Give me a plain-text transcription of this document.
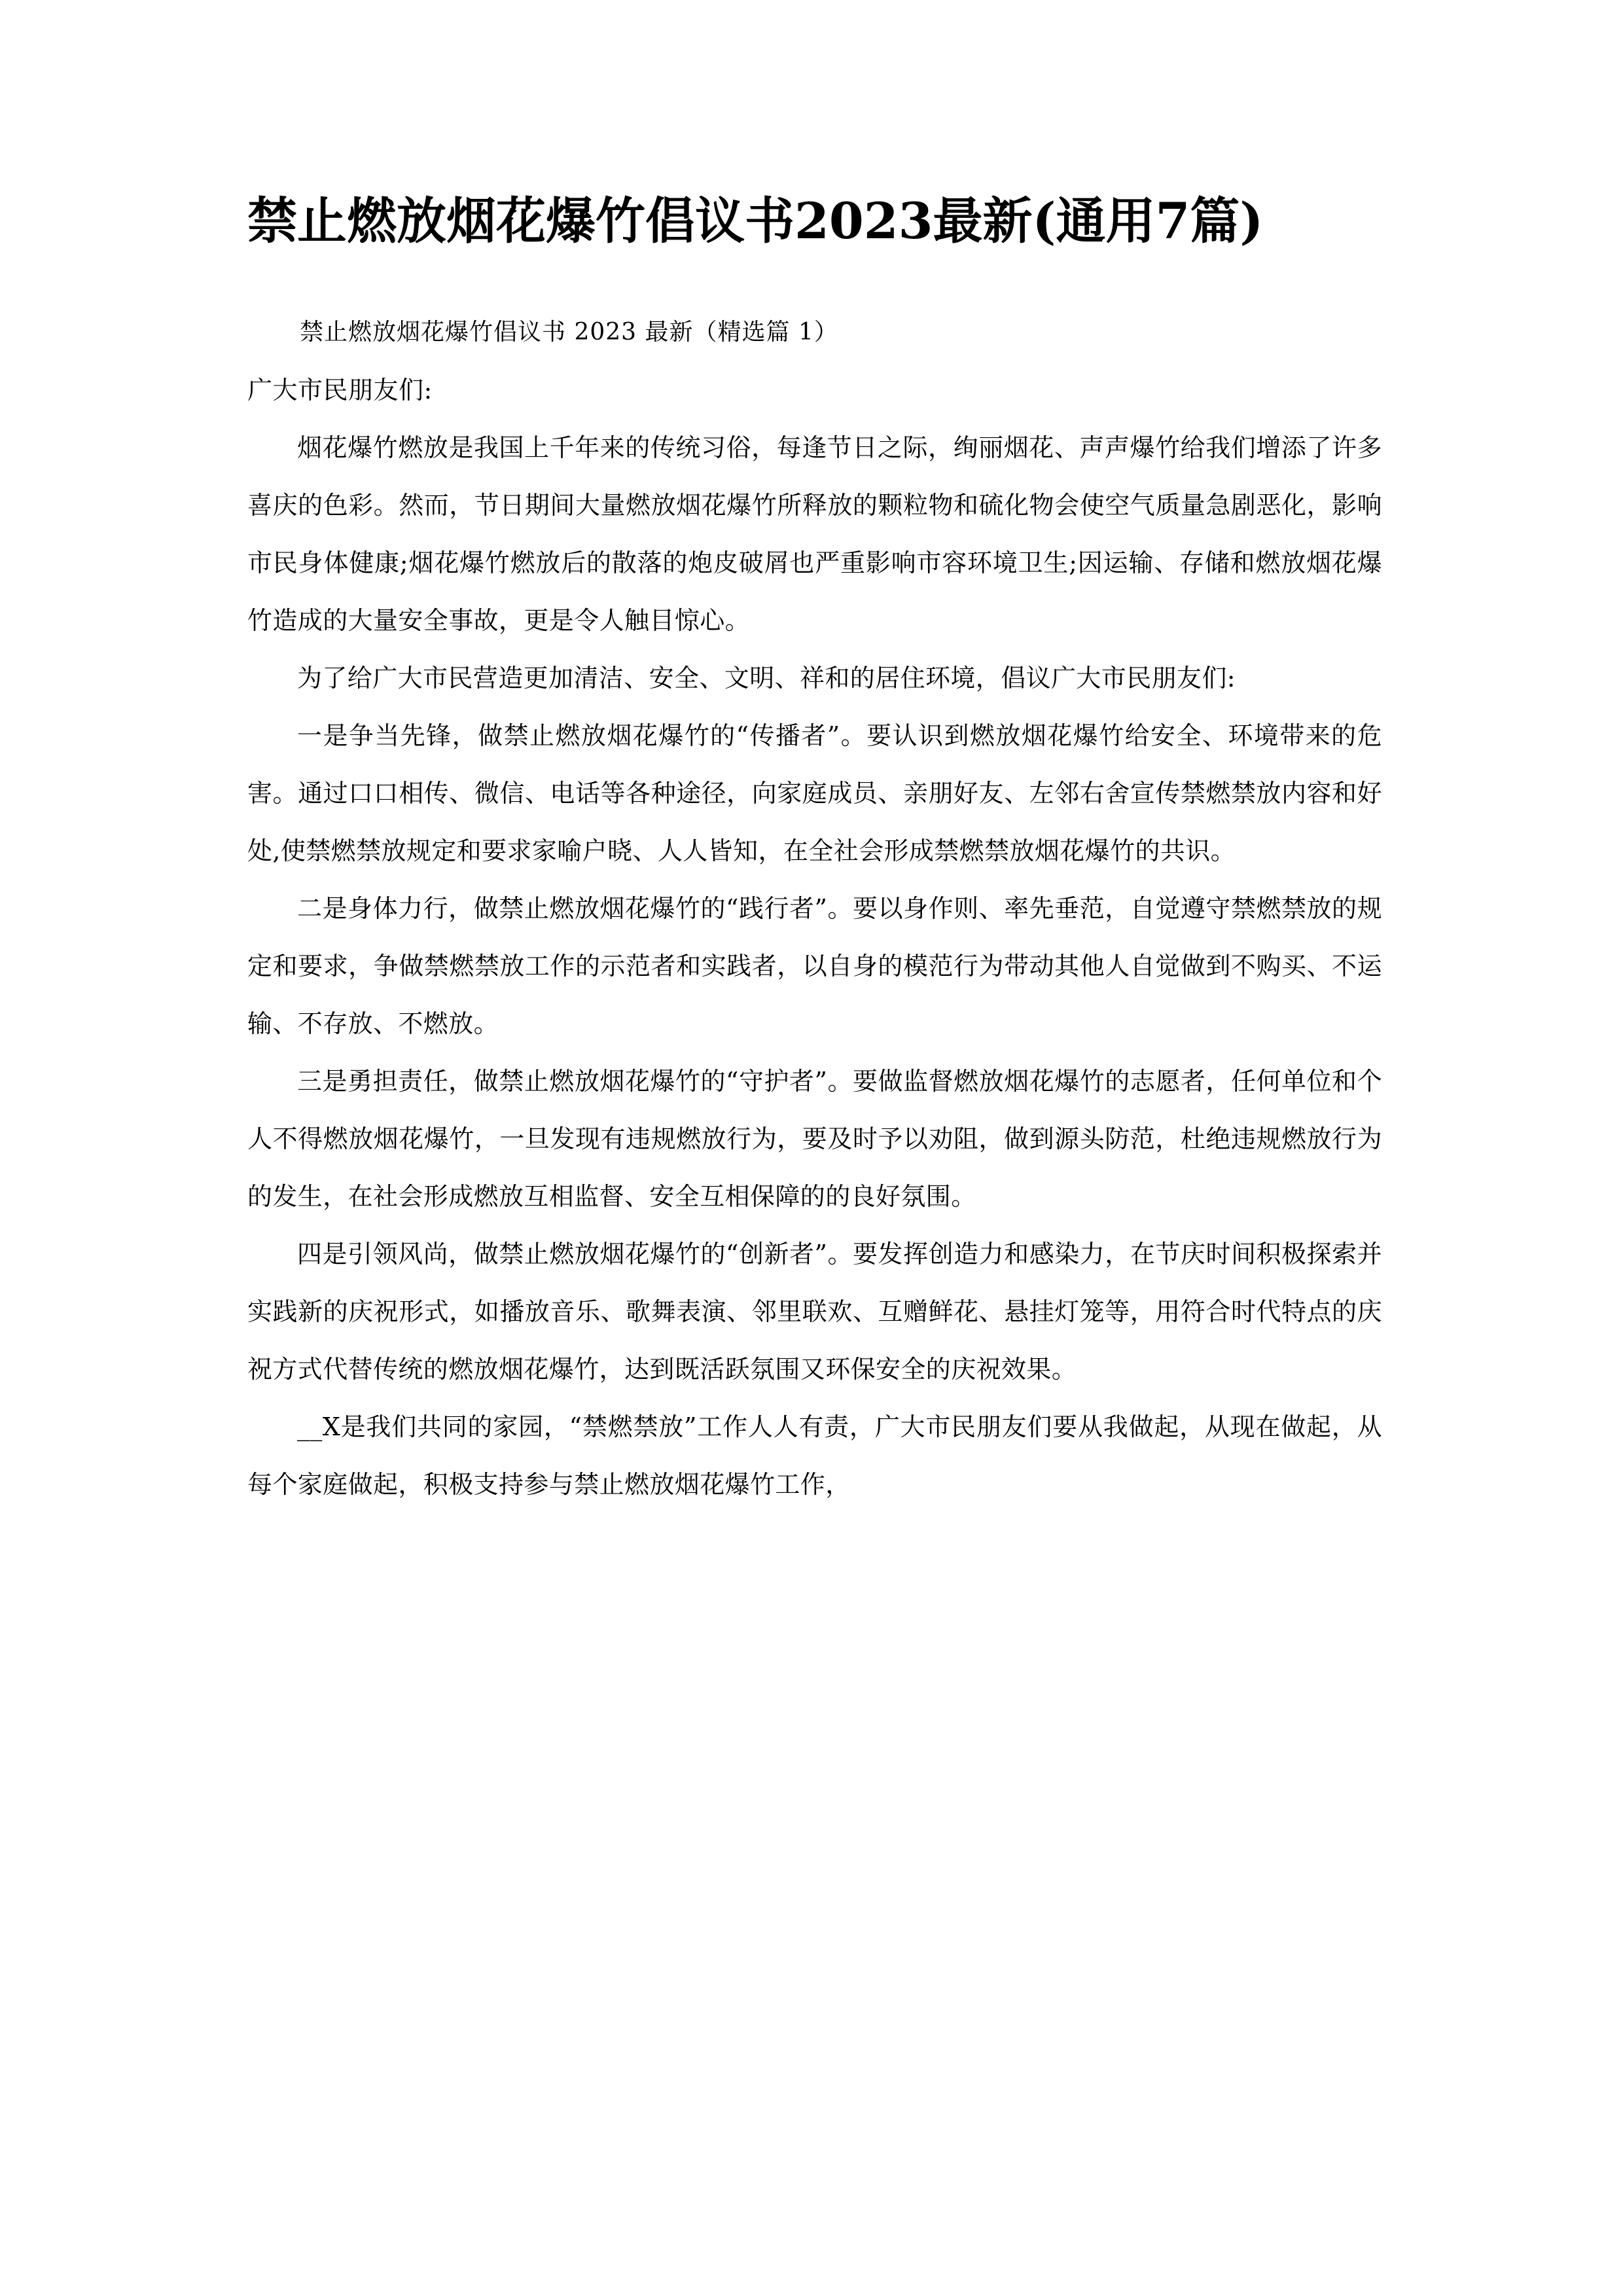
禁止燃放烟花爆竹倡议书2023最新(通用7篇)
禁止燃放烟花爆竹倡议书 2023 最新（精选篇 1）
广大市民朋友们:

烟花爆竹燃放是我国上千年来的传统习俗，每逢节日之际，绚丽烟花、声声爆竹给我们增添了许多喜庆的色彩。然而，节日期间大量燃放烟花爆竹所释放的颗粒物和硫化物会使空气质量急剧恶化，影响市民身体健康;烟花爆竹燃放后的散落的炮皮破屑也严重影响市容环境卫生;因运输、存储和燃放烟花爆竹造成的大量安全事故，更是令人触目惊心。

为了给广大市民营造更加清洁、安全、文明、祥和的居住环境，倡议广大市民朋友们:

一是争当先锋，做禁止燃放烟花爆竹的“传播者”。要认识到燃放烟花爆竹给安全、环境带来的危害。通过口口相传、微信、电话等各种途径，向家庭成员、亲朋好友、左邻右舍宣传禁燃禁放内容和好处,使禁燃禁放规定和要求家喻户晓、人人皆知，在全社会形成禁燃禁放烟花爆竹的共识。

二是身体力行，做禁止燃放烟花爆竹的“践行者”。要以身作则、率先垂范，自觉遵守禁燃禁放的规定和要求，争做禁燃禁放工作的示范者和实践者，以自身的模范行为带动其他人自觉做到不购买、不运输、不存放、不燃放。

三是勇担责任，做禁止燃放烟花爆竹的“守护者”。要做监督燃放烟花爆竹的志愿者，任何单位和个人不得燃放烟花爆竹，一旦发现有违规燃放行为，要及时予以劝阻，做到源头防范，杜绝违规燃放行为的发生，在社会形成燃放互相监督、安全互相保障的的良好氛围。

四是引领风尚，做禁止燃放烟花爆竹的“创新者”。要发挥创造力和感染力，在节庆时间积极探索并实践新的庆祝形式，如播放音乐、歌舞表演、邻里联欢、互赠鲜花、悬挂灯笼等，用符合时代特点的庆祝方式代替传统的燃放烟花爆竹，达到既活跃氛围又环保安全的庆祝效果。

__X是我们共同的家园，“禁燃禁放”工作人人有责，广大市民朋友们要从我做起，从现在做起，从每个家庭做起，积极支持参与禁止燃放烟花爆竹工作，
